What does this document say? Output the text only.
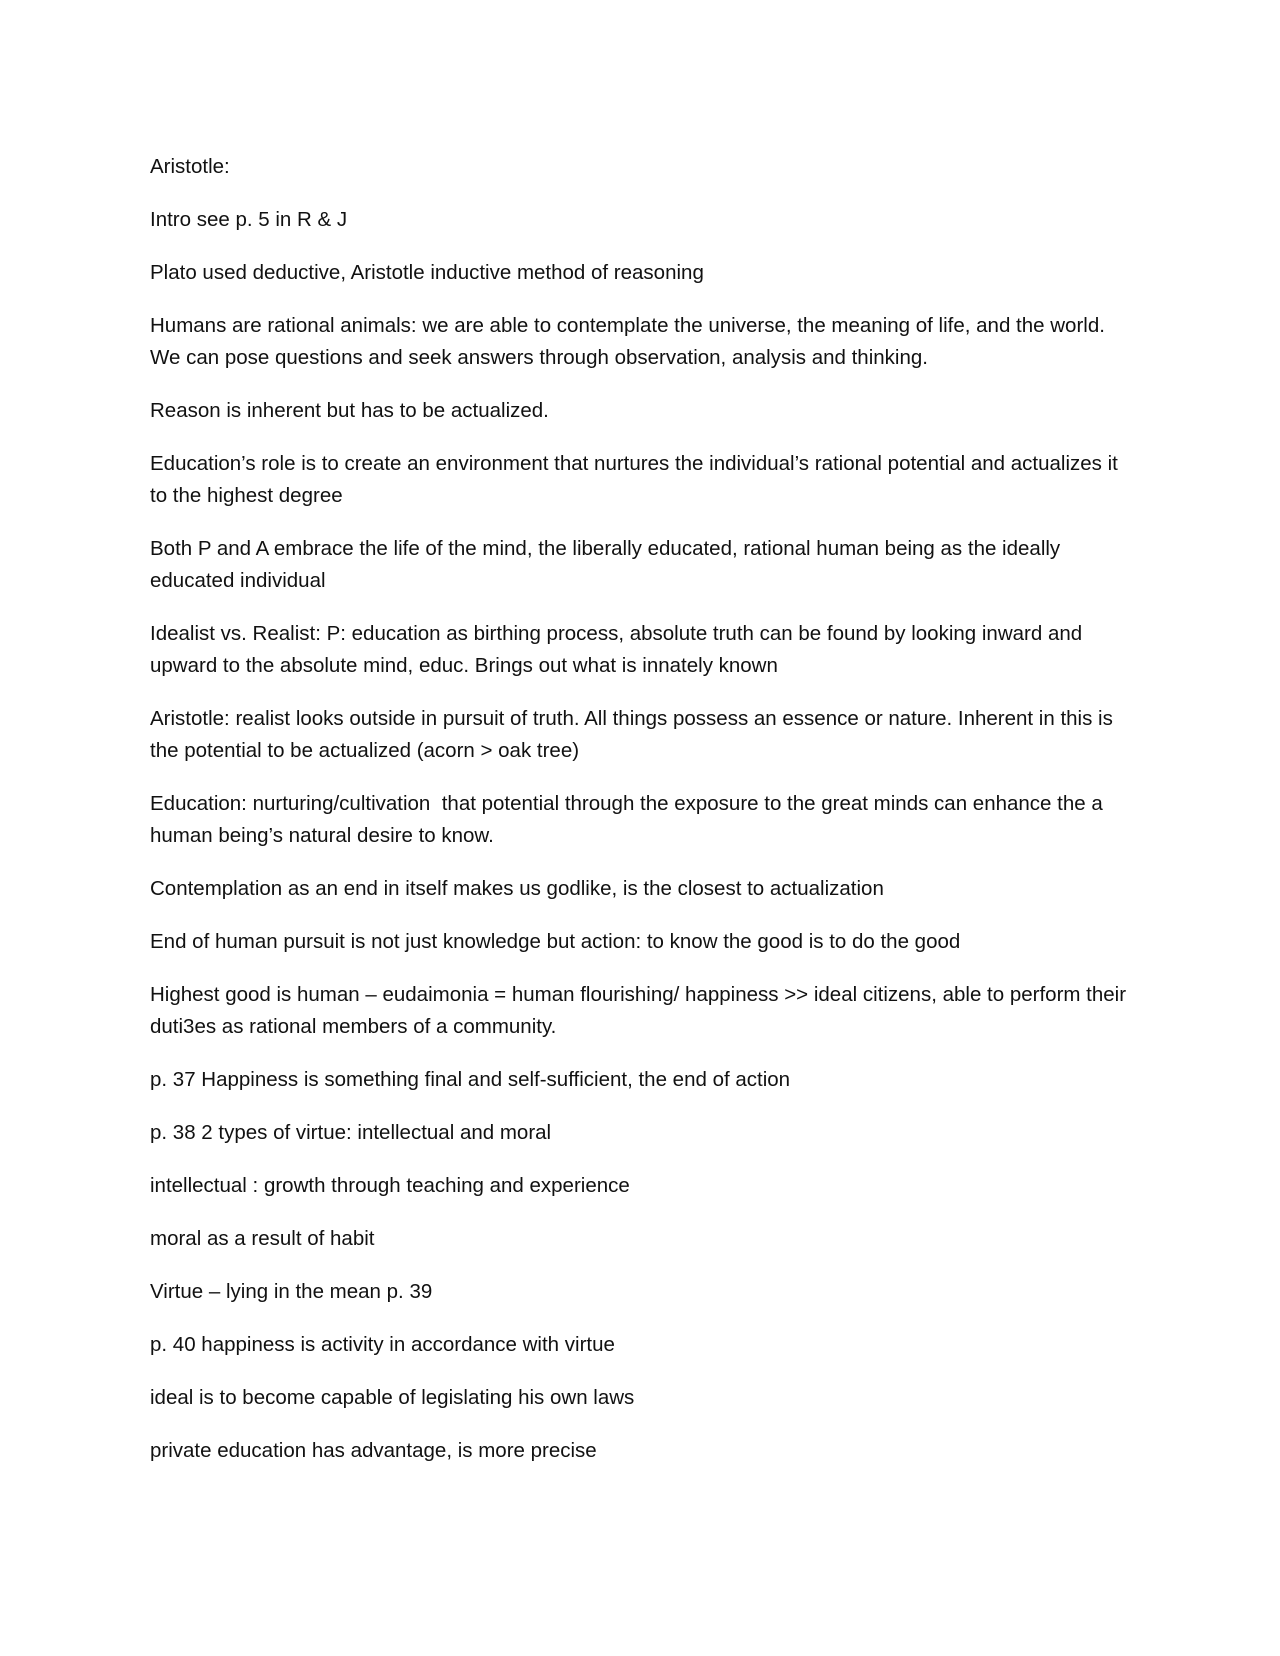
Aristotle:

Intro see p. 5 in R & J

Plato used deductive, Aristotle inductive method of reasoning

Humans are rational animals: we are able to contemplate the universe, the meaning of life, and the world. We can pose questions and seek answers through observation, analysis and thinking.

Reason is inherent but has to be actualized.

Education’s role is to create an environment that nurtures the individual’s rational potential and actualizes it to the highest degree

Both P and A embrace the life of the mind, the liberally educated, rational human being as the ideally educated individual

Idealist vs. Realist: P: education as birthing process, absolute truth can be found by looking inward and upward to the absolute mind, educ. Brings out what is innately known

Aristotle: realist looks outside in pursuit of truth. All things possess an essence or nature. Inherent in this is the potential to be actualized (acorn > oak tree)

Education: nurturing/cultivation  that potential through the exposure to the great minds can enhance the a human being’s natural desire to know.

Contemplation as an end in itself makes us godlike, is the closest to actualization

End of human pursuit is not just knowledge but action: to know the good is to do the good

Highest good is human – eudaimonia = human flourishing/ happiness >> ideal citizens, able to perform their duti3es as rational members of a community.

p. 37 Happiness is something final and self-sufficient, the end of action

p. 38 2 types of virtue: intellectual and moral

intellectual : growth through teaching and experience

moral as a result of habit

Virtue – lying in the mean p. 39

p. 40 happiness is activity in accordance with virtue

ideal is to become capable of legislating his own laws

private education has advantage, is more precise
